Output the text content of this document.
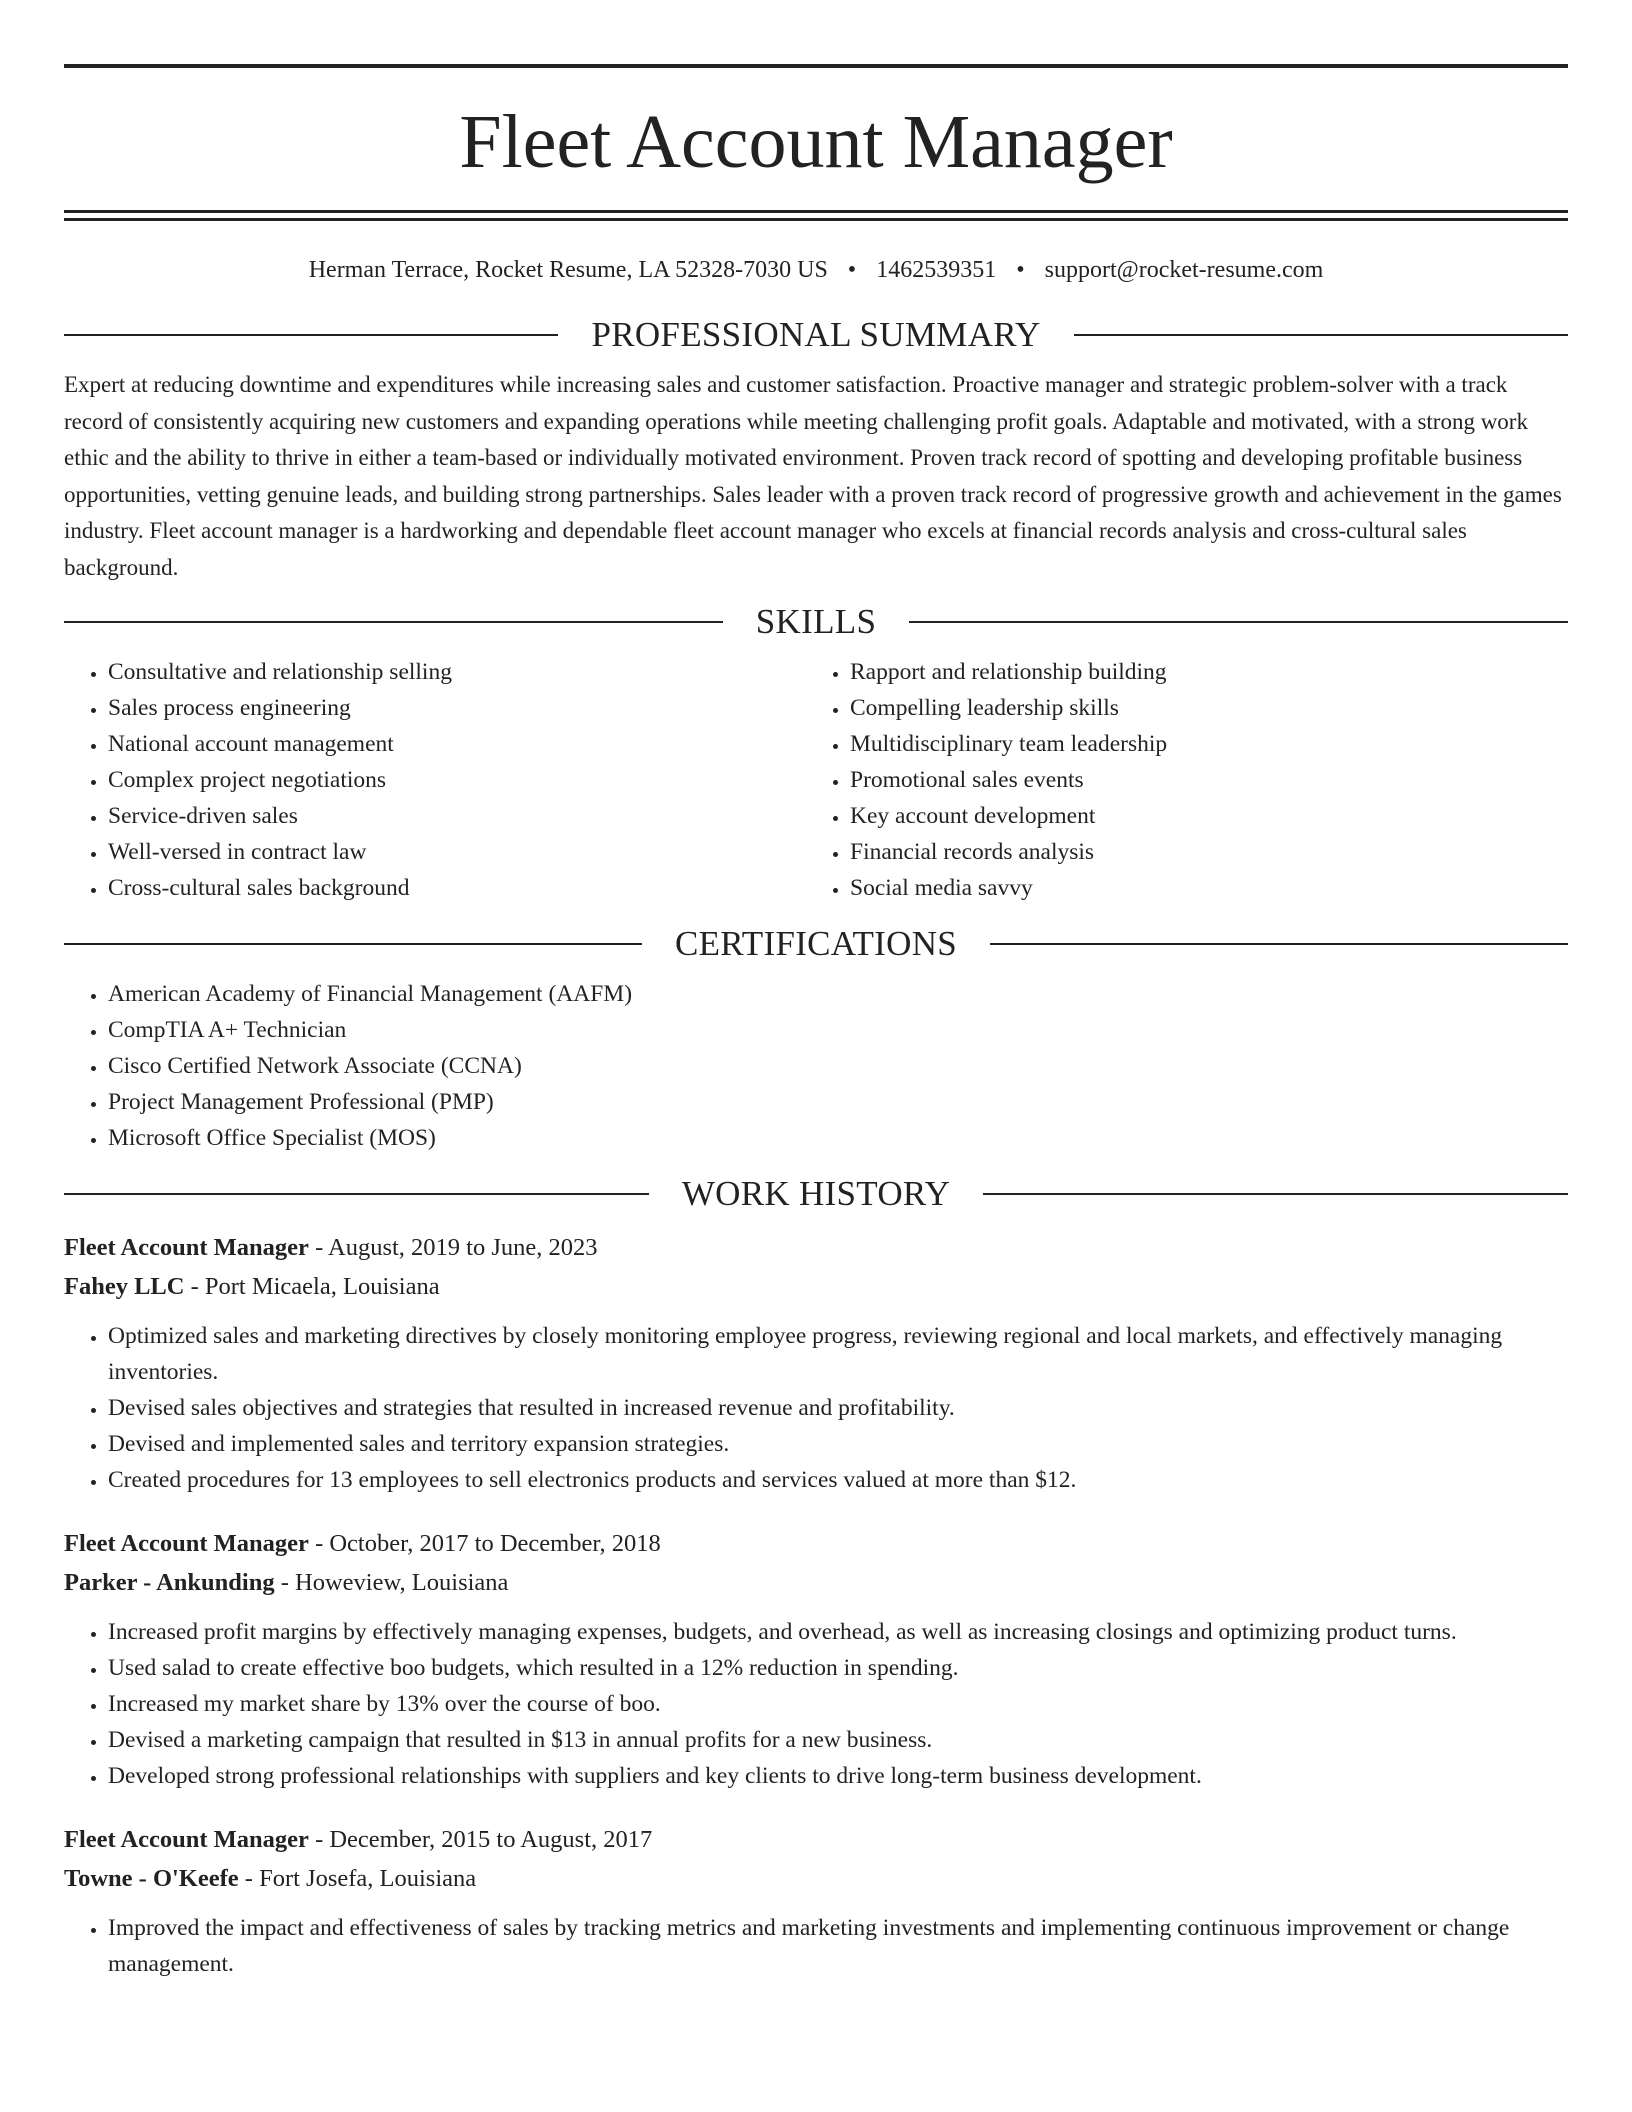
Fleet Account Manager
Herman Terrace, Rocket Resume, LA 52328-7030 US • 1462539351 • support@rocket-resume.com
PROFESSIONAL SUMMARY
Expert at reducing downtime and expenditures while increasing sales and customer satisfaction. Proactive manager and strategic problem-solver with a track record of consistently acquiring new customers and expanding operations while meeting challenging profit goals. Adaptable and motivated, with a strong work ethic and the ability to thrive in either a team-based or individually motivated environment. Proven track record of spotting and developing profitable business opportunities, vetting genuine leads, and building strong partnerships. Sales leader with a proven track record of progressive growth and achievement in the games industry. Fleet account manager is a hardworking and dependable fleet account manager who excels at financial records analysis and cross-cultural sales background.
SKILLS
• Consultative and relationship selling
• Sales process engineering
• National account management
• Complex project negotiations
• Service-driven sales
• Well-versed in contract law
• Cross-cultural sales background
• Rapport and relationship building
• Compelling leadership skills
• Multidisciplinary team leadership
• Promotional sales events
• Key account development
• Financial records analysis
• Social media savvy
CERTIFICATIONS
• American Academy of Financial Management (AAFM)
• CompTIA A+ Technician
• Cisco Certified Network Associate (CCNA)
• Project Management Professional (PMP)
• Microsoft Office Specialist (MOS)
WORK HISTORY
Fleet Account Manager - August, 2019 to June, 2023
Fahey LLC - Port Micaela, Louisiana
• Optimized sales and marketing directives by closely monitoring employee progress, reviewing regional and local markets, and effectively managing inventories.
• Devised sales objectives and strategies that resulted in increased revenue and profitability.
• Devised and implemented sales and territory expansion strategies.
• Created procedures for 13 employees to sell electronics products and services valued at more than $12.
Fleet Account Manager - October, 2017 to December, 2018
Parker - Ankunding - Howeview, Louisiana
• Increased profit margins by effectively managing expenses, budgets, and overhead, as well as increasing closings and optimizing product turns.
• Used salad to create effective boo budgets, which resulted in a 12% reduction in spending.
• Increased my market share by 13% over the course of boo.
• Devised a marketing campaign that resulted in $13 in annual profits for a new business.
• Developed strong professional relationships with suppliers and key clients to drive long-term business development.
Fleet Account Manager - December, 2015 to August, 2017
Towne - O'Keefe - Fort Josefa, Louisiana
• Improved the impact and effectiveness of sales by tracking metrics and marketing investments and implementing continuous improvement or change management.
